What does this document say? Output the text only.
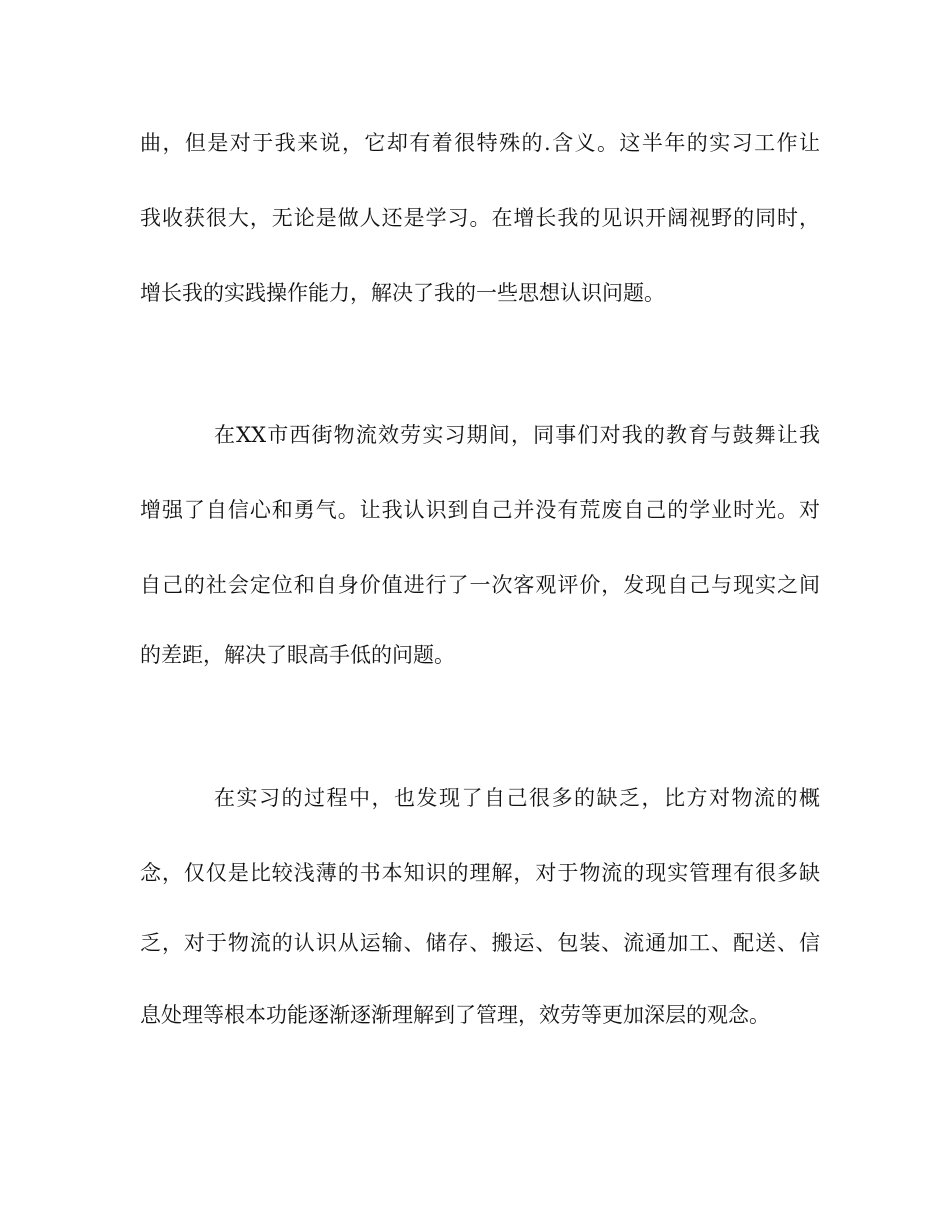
曲，但是对于我来说，它却有着很特殊的.含义。这半年的实习工作让
我收获很大，无论是做人还是学习。在增长我的见识开阔视野的同时，
增长我的实践操作能力，解决了我的一些思想认识问题。
在XX市西街物流效劳实习期间，同事们对我的教育与鼓舞让我
增强了自信心和勇气。让我认识到自己并没有荒废自己的学业时光。对
自己的社会定位和自身价值进行了一次客观评价，发现自己与现实之间
的差距，解决了眼高手低的问题。
在实习的过程中，也发现了自己很多的缺乏，比方对物流的概
念，仅仅是比较浅薄的书本知识的理解，对于物流的现实管理有很多缺
乏，对于物流的认识从运输、储存、搬运、包装、流通加工、配送、信
息处理等根本功能逐渐逐渐理解到了管理，效劳等更加深层的观念。
